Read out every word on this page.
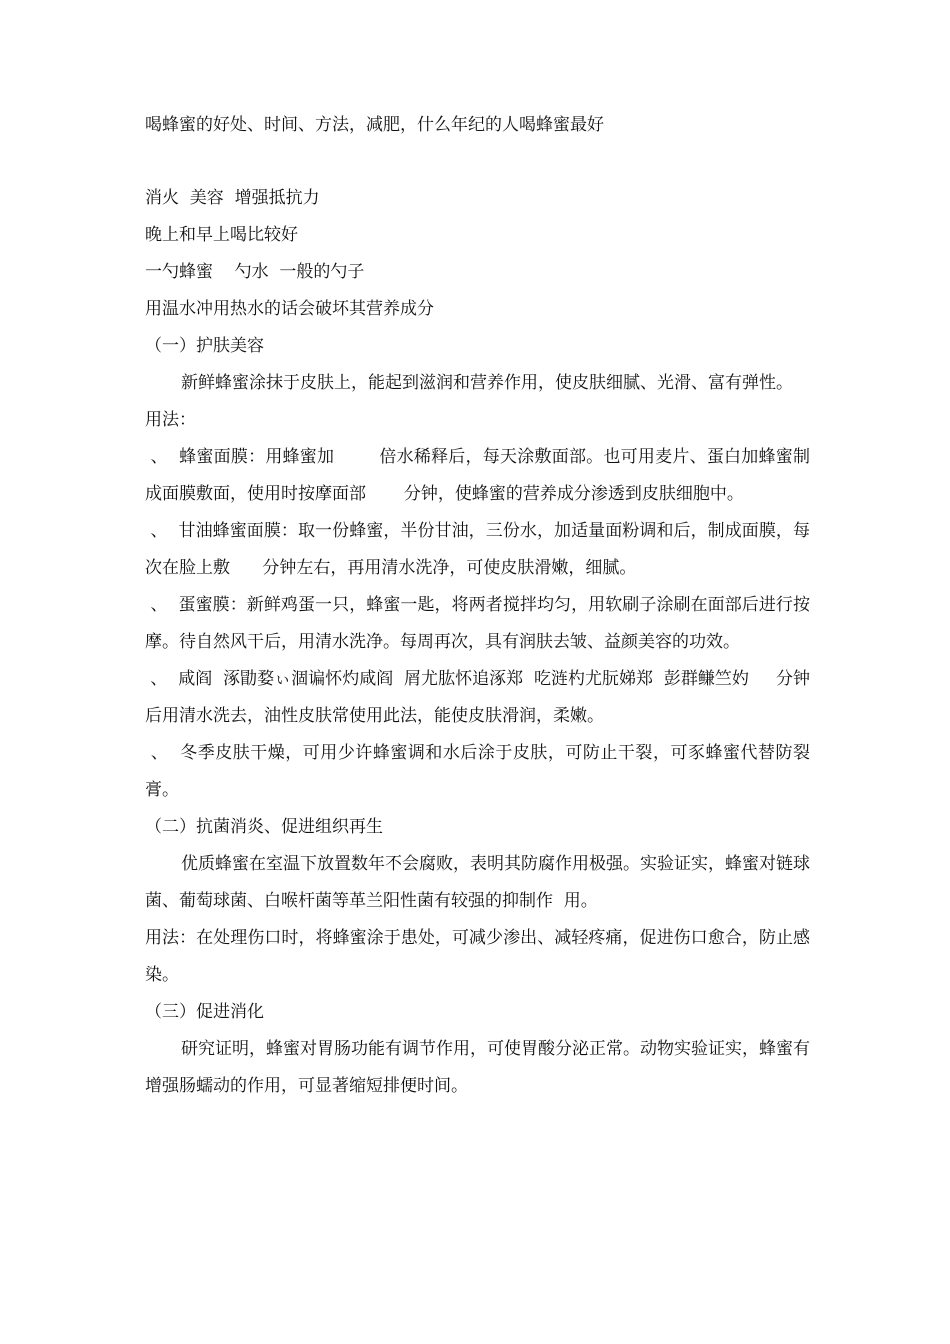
喝蜂蜜的好处、时间、方法，减肥，什么年纪的人喝蜂蜜最好

消火  美容  增强抵抗力

晚上和早上喝比较好

一勺蜂蜜    勺水  一般的勺子

用温水冲用热水的话会破坏其营养成分

（一）护肤美容

新鲜蜂蜜涂抹于皮肤上，能起到滋润和营养作用，使皮肤细腻、光滑、富有弹性。

用法：

、  蜂蜜面膜：用蜂蜜加        倍水稀释后，每天涂敷面部。也可用麦片、蛋白加蜂蜜制成面膜敷面，使用时按摩面部       分钟，使蜂蜜的营养成分渗透到皮肤细胞中。

、  甘油蜂蜜面膜：取一份蜂蜜，半份甘油，三份水，加适量面粉调和后，制成面膜，每次在脸上敷      分钟左右，再用清水洗净，可使皮肤滑嫩，细腻。

、  蛋蜜膜：新鲜鸡蛋一只，蜂蜜一匙，将两者搅拌均匀，用软刷子涂刷在面部后进行按摩。待自然风干后，用清水洗净。每周再次，具有润肤去皱、益颜美容的功效。

、  咸阎  涿勖婺ぃ涸谝怀灼咸阎  屑尤肱怀追涿郑  吃涟杓尤朊娣郑  彭群鳒竺妁     分钟后用清水洗去，油性皮肤常使用此法，能使皮肤滑润，柔嫩。

、  冬季皮肤干燥，可用少许蜂蜜调和水后涂于皮肤，可防止干裂，可豕蜂蜜代替防裂膏。

（二）抗菌消炎、促进组织再生

优质蜂蜜在室温下放置数年不会腐败，表明其防腐作用极强。实验证实，蜂蜜对链球菌、葡萄球菌、白喉杆菌等革兰阳性菌有较强的抑制作  用。

用法：在处理伤口时，将蜂蜜涂于患处，可减少渗出、减轻疼痛，促进伤口愈合，防止感染。

（三）促进消化

研究证明，蜂蜜对胃肠功能有调节作用，可使胃酸分泌正常。动物实验证实，蜂蜜有增强肠蠕动的作用，可显著缩短排便时间。
